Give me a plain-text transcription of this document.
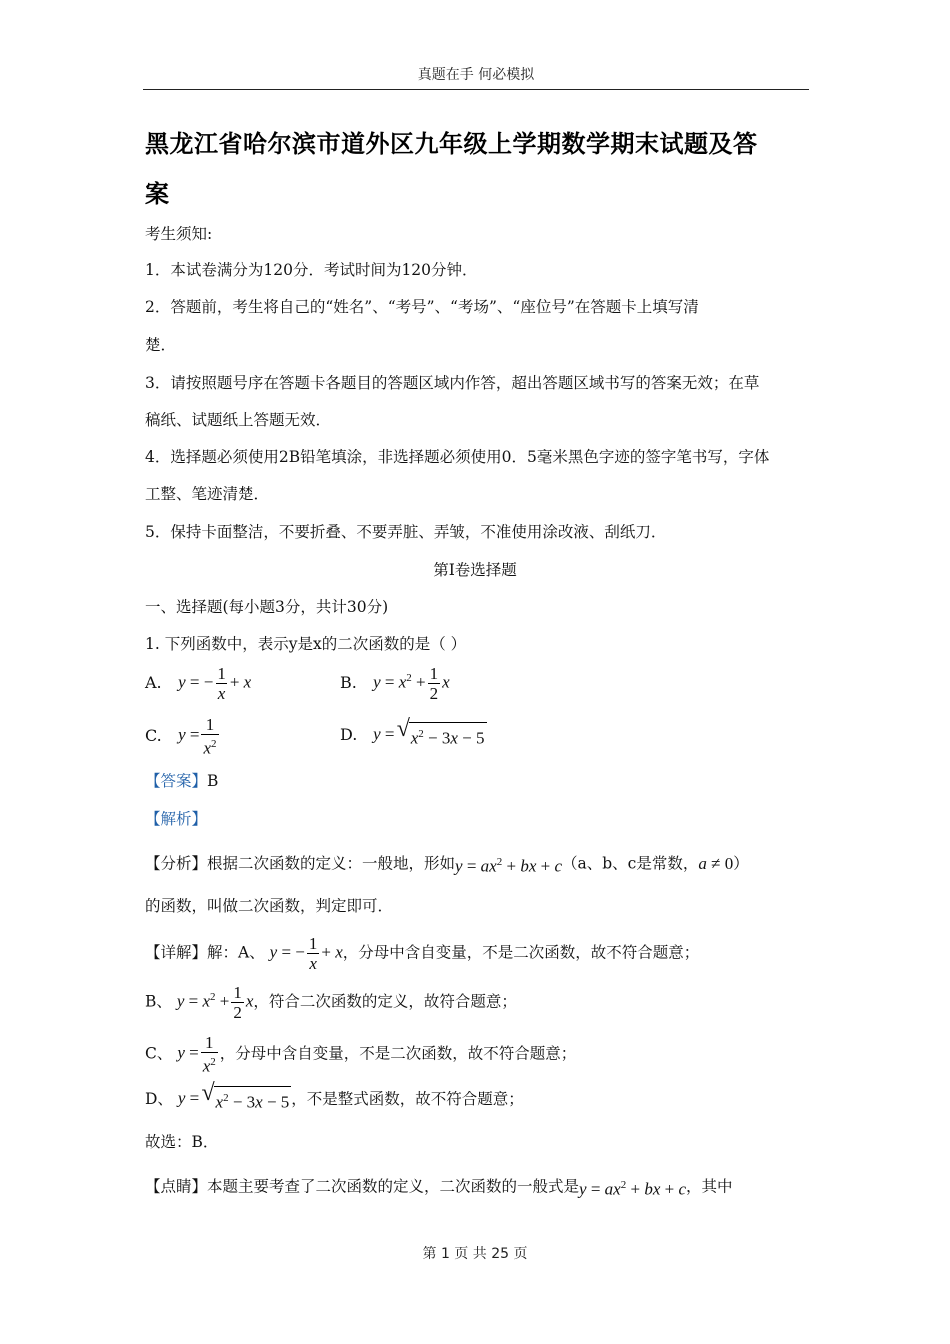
真题在手 何必模拟
黑龙江省哈尔滨市道外区九年级上学期数学期末试题及答
案
考生须知:
1．本试卷满分为120分．考试时间为120分钟．
2．答题前，考生将自己的“姓名”、“考号”、“考场”、“座位号”在答题卡上填写清
楚．
3．请按照题号序在答题卡各题目的答题区域内作答，超出答题区域书写的答案无效；在草
稿纸、试题纸上答题无效．
4．选择题必须使用2B铅笔填涂，非选择题必须使用0．5毫米黑色字迹的签字笔书写，字体
工整、笔迹清楚．
5．保持卡面整洁，不要折叠、不要弄脏、弄皱，不准使用涂改液、刮纸刀．
第Ⅰ卷选择题
一、选择题(每小题3分，共计30分)
1. 下列函数中，表示y是x的二次函数的是（ ）
A. y = − $\frac{1}{x} + x$	B. $y = x^2 + \frac{1}{2}$ x
C. $y = \frac{1}{x^2}$	D. y = √ $x^2 - 3x - 5$
【答案】B
【解析】
【分析】根据二次函数的定义：一般地，形如$y = ax^2$ + bx + c（a、b、c是常数，a ≠ 0）
的函数，叫做二次函数，判定即可．
【详解】解：A、 y = − $\frac{1}{x} + x$，分母中含自变量，不是二次函数，故不符合题意；
B、 $y = x^2 + \frac{1}{2}$ x，符合二次函数的定义，故符合题意；
C、 $y = \frac{1}{x^2}$ ，分母中含自变量，不是二次函数，故不符合题意；
D、 y = √ $x^2 - 3x - 5$ ，不是整式函数，故不符合题意；
故选：B．
【点睛】本题主要考查了二次函数的定义，二次函数的一般式是$y = ax^2$ + bx + c，其中
第 1 页 共 25 页
